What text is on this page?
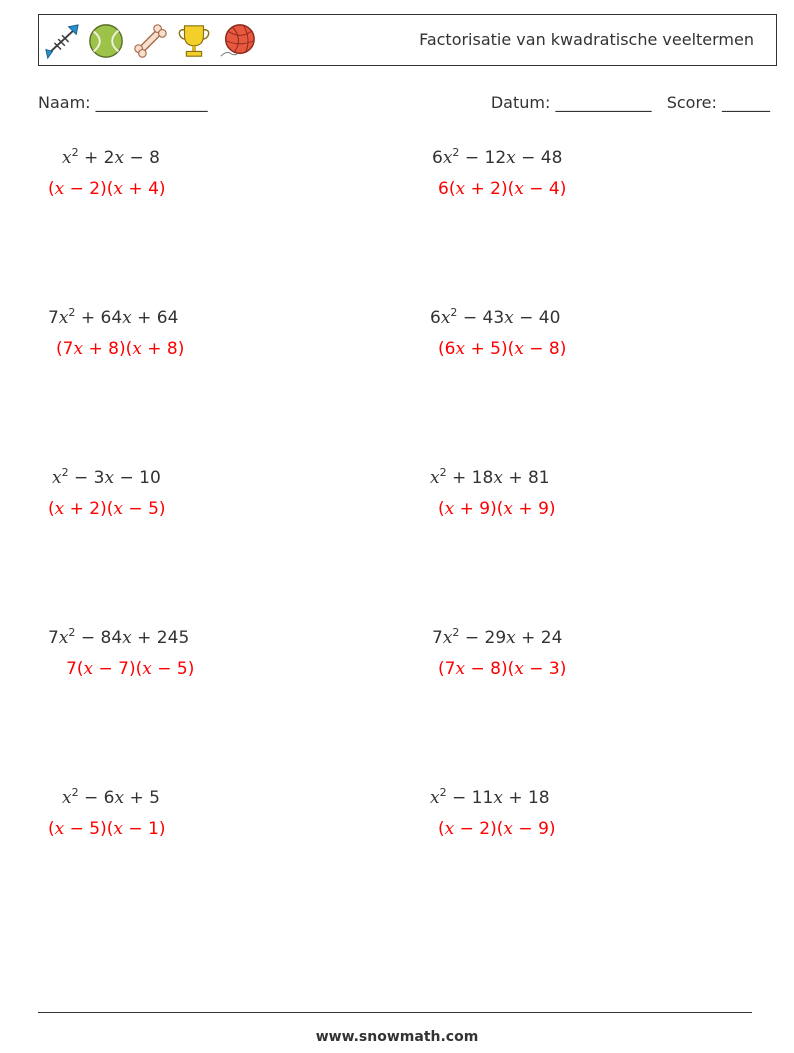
Factorisatie van kwadratische veeltermen
Naam: ______________	Datum: ____________ Score: ______
$x^2 + 2x - 8$
(x − 2)(x + 4)
$6x^2 - 12x - 48$
6(x + 2)(x − 4)
$7x^2 + 64x + 64$
(7x + 8)(x + 8)
$6x^2 - 43x - 40$
(6x + 5)(x − 8)
$x^2 - 3x - 10$
(x + 2)(x − 5)
$x^2 + 18x + 81$
(x + 9)(x + 9)
$7x^2 - 84x + 245$
7(x − 7)(x − 5)
$7x^2 - 29x + 24$
(7x − 8)(x − 3)
$x^2 - 6x + 5$
(x − 5)(x − 1)
$x^2 - 11x + 18$
(x − 2)(x − 9)
www.snowmath.com
